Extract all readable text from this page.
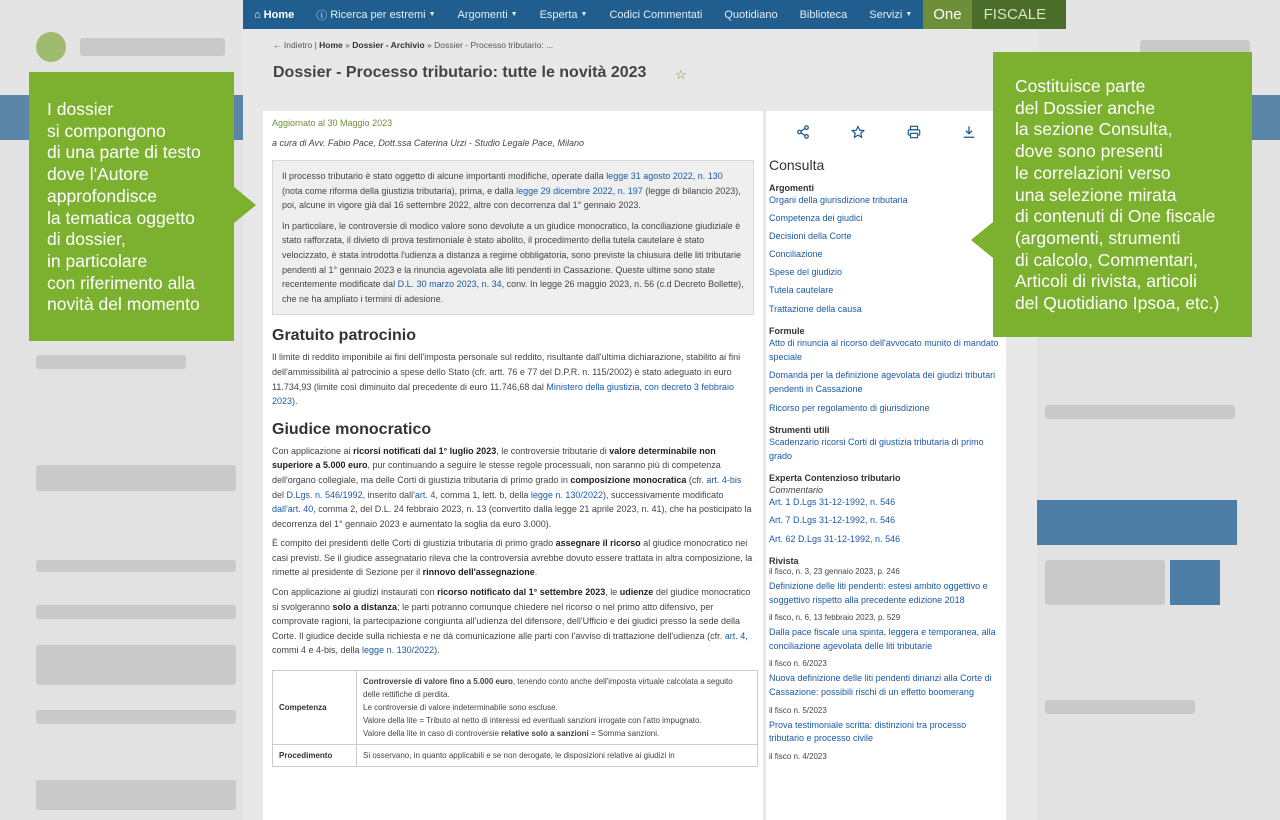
⌂ Home ⓘ Ricerca per estremi ▼ Argomenti ▼ Esperta ▼ Codici Commentati Quotidiano Biblioteca Servizi ▼	One	FISCALE
← Indietro | Home » Dossier - Archivio » Dossier - Processo tributario: ...
Dossier - Processo tributario: tutte le novità 2023 ☆
Aggiornato al 30 Maggio 2023
a cura di Avv. Fabio Pace, Dott.ssa Caterina Urzi - Studio Legale Pace, Milano

Il processo tributario è stato oggetto di alcune importanti modifiche, operate dalla legge 31 agosto 2022, n. 130 (nota come riforma della giustizia tributaria), prima, e dalla legge 29 dicembre 2022, n. 197 (legge di bilancio 2023), poi, alcune in vigore già dal 16 settembre 2022, altre con decorrenza dal 1° gennaio 2023.

In particolare, le controversie di modico valore sono devolute a un giudice monocratico, la conciliazione giudiziale è stato rafforzata, il divieto di prova testimoniale è stato abolito, il procedimento della tutela cautelare è stato velocizzato, è stata introdotta l'udienza a distanza a regime obbligatoria, sono previste la chiusura delle liti tributarie pendenti al 1° gennaio 2023 e la rinuncia agevolata alle liti pendenti in Cassazione. Queste ultime sono state recentemente modificate dal D.L. 30 marzo 2023, n. 34, conv. In legge 26 maggio 2023, n. 56 (c.d Decreto Bollette), che ne ha ampliato i termini di adesione.

Gratuito patrocinio

Il limite di reddito imponibile ai fini dell'imposta personale sul reddito, risultante dall'ultima dichiarazione, stabilito ai fini dell'ammissibilità al patrocinio a spese dello Stato (cfr. artt. 76 e 77 del D.P.R. n. 115/2002) è stato adeguato in euro 11.734,93 (limite così diminuito dal precedente di euro 11.746,68 dal Ministero della giustizia, con decreto 3 febbraio 2023).

Giudice monocratico

Con applicazione ai ricorsi notificati dal 1° luglio 2023, le controversie tributarie di valore determinabile non superiore a 5.000 euro, pur continuando a seguire le stesse regole processuali, non saranno più di competenza dell'organo collegiale, ma delle Corti di giustizia tributaria di primo grado in composizione monocratica (cfr. art. 4-bis del D.Lgs. n. 546/1992, inserito dall'art. 4, comma 1, lett. b, della legge n. 130/2022), successivamente modificato dall'art. 40, comma 2, del D.L. 24 febbraio 2023, n. 13 (convertito dalla legge 21 aprile 2023, n. 41), che ha posticipato la decorrenza del 1° gennaio 2023 e aumentato la soglia da euro 3.000).

È compito dei presidenti delle Corti di giustizia tributaria di primo grado assegnare il ricorso al giudice monocratico nei casi previsti. Se il giudice assegnatario rileva che la controversia avrebbe dovuto essere trattata in altra composizione, la rimette al presidente di Sezione per il rinnovo dell'assegnazione.

Con applicazione ai giudizi instaurati con ricorso notificato dal 1° settembre 2023, le udienze del giudice monocratico si svolgeranno solo a distanza; le parti potranno comunque chiedere nel ricorso o nel primo atto difensivo, per comprovate ragioni, la partecipazione congiunta all'udienza del difensore, dell'Ufficio e dei giudici presso la sede della Corte. Il giudice decide sulla richiesta e ne dà comunicazione alle parti con l'avviso di trattazione dell'udienza (cfr. art. 4, commi 4 e 4-bis, della legge n. 130/2022).

Competenza	Controversie di valore fino a 5.000 euro, tenendo conto anche dell'imposta virtuale calcolata a seguito delle rettifiche di perdita.
Le controversie di valore indeterminabile sono escluse.
Valore della lite = Tributo al netto di interessi ed eventuali sanzioni irrogate con l'atto impugnato.
Valore della lite in caso di controversie relative solo a sanzioni = Somma sanzioni.

Procedimento	Si osservano, in quanto applicabili e se non derogate, le disposizioni relative ai giudizi in
Consulta
Argomenti
Organi della giurisdizione tributaria
Competenza dei giudici
Decisioni della Corte
Conciliazione
Spese del giudizio
Tutela cautelare
Trattazione della causa
Formule
Atto di rinuncia al ricorso dell'avvocato munito di mandato speciale
Domanda per la definizione agevolata dei giudizi tributari pendenti in Cassazione
Ricorso per regolamento di giurisdizione
Strumenti utili
Scadenzario ricorsi Corti di giustizia tributaria di primo grado
Experta Contenzioso tributario
Commentario
Art. 1 D.Lgs 31-12-1992, n. 546
Art. 7 D.Lgs 31-12-1992, n. 546
Art. 62 D.Lgs 31-12-1992, n. 546
Rivista
il fisco, n. 3, 23 gennaio 2023, p. 246
Definizione delle liti pendenti: estesi ambito oggettivo e soggettivo rispetto alla precedente edizione 2018
il fisco, n. 6, 13 febbraio 2023, p. 529
Dalla pace fiscale una spinta, leggera e temporanea, alla conciliazione agevolata delle liti tributarie
il fisco n. 6/2023
Nuova definizione delle liti pendenti dinanzi alla Corte di Cassazione: possibili rischi di un effetto boomerang
il fisco n. 5/2023
Prova testimoniale scritta: distinzioni tra processo tributario e processo civile
il fisco n. 4/2023
I dossier
si compongono
di una parte di testo
dove l'Autore
approfondisce
la tematica oggetto
di dossier,
in particolare
con riferimento alla
novità del momento
Costituisce parte
del Dossier anche
la sezione Consulta,
dove sono presenti
le correlazioni verso
una selezione mirata
di contenuti di One fiscale
(argomenti, strumenti
di calcolo, Commentari,
Articoli di rivista, articoli
del Quotidiano Ipsoa, etc.)
